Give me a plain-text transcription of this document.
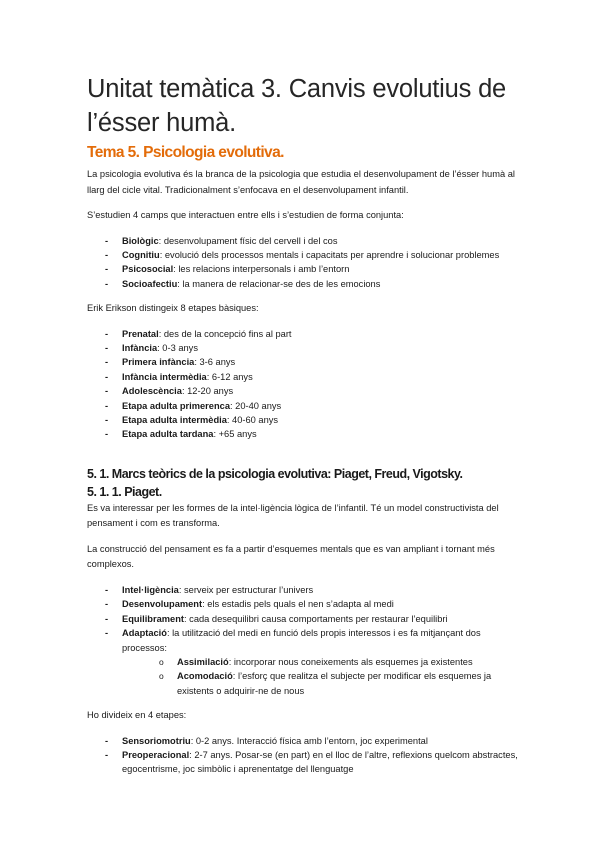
Unitat temàtica 3. Canvis evolutius de l’ésser humà.
Tema 5. Psicologia evolutiva.

La psicologia evolutiva és la branca de la psicologia que estudia el desenvolupament de l’ésser humà al llarg del cicle vital. Tradicionalment s’enfocava en el desenvolupament infantil.

S’estudien 4 camps que interactuen entre ells i s’estudien de forma conjunta:

- Biològic: desenvolupament físic del cervell i del cos
- Cognitiu: evolució dels processos mentals i capacitats per aprendre i solucionar problemes
- Psicosocial: les relacions interpersonals i amb l’entorn
- Socioafectiu: la manera de relacionar-se des de les emocions

Erik Erikson distingeix 8 etapes bàsiques:

- Prenatal: des de la concepció fins al part
- Infància: 0-3 anys
- Primera infància: 3-6 anys
- Infància intermèdia: 6-12 anys
- Adolescència: 12-20 anys
- Etapa adulta primerenca: 20-40 anys
- Etapa adulta intermèdia: 40-60 anys
- Etapa adulta tardana: +65 anys
5. 1. Marcs teòrics de la psicologia evolutiva: Piaget, Freud, Vigotsky.
5. 1. 1. Piaget.

Es va interessar per les formes de la intel·ligència lògica de l’infantil. Té un model constructivista del pensament i com es transforma.

La construcció del pensament es fa a partir d’esquemes mentals que es van ampliant i tornant més complexos.

- Intel·ligència: serveix per estructurar l’univers
- Desenvolupament: els estadis pels quals el nen s’adapta al medi
- Equilibrament: cada desequilibri causa comportaments per restaurar l’equilibri
- Adaptació: la utilització del medi en funció dels propis interessos i es fa mitjançant dos processos:
o Assimilació: incorporar nous coneixements als esquemes ja existentes
o Acomodació: l’esforç que realitza el subjecte per modificar els esquemes ja existents o adquirir-ne de nous

Ho divideix en 4 etapes:

- Sensoriomotriu: 0-2 anys. Interacció física amb l’entorn, joc experimental
- Preoperacional: 2-7 anys. Posar-se (en part) en el lloc de l’altre, reflexions quelcom abstractes, egocentrisme, joc simbòlic i aprenentatge del llenguatge
